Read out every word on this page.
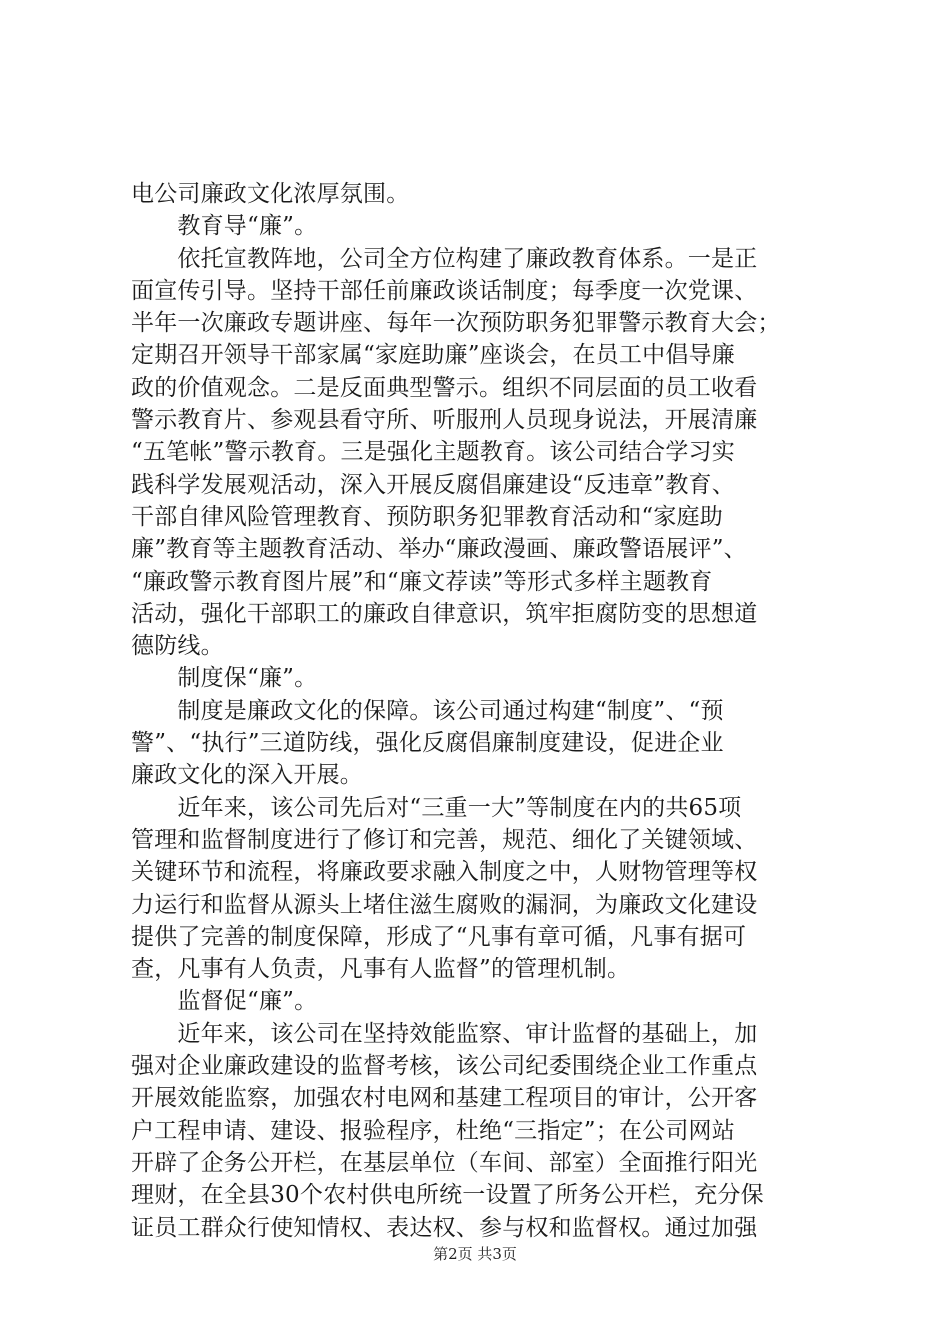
电公司廉政文化浓厚氛围。
　　教育导“廉”。
　　依托宣教阵地，公司全方位构建了廉政教育体系。一是正
面宣传引导。坚持干部任前廉政谈话制度；每季度一次党课、
半年一次廉政专题讲座、每年一次预防职务犯罪警示教育大会；
定期召开领导干部家属“家庭助廉”座谈会，在员工中倡导廉
政的价值观念。二是反面典型警示。组织不同层面的员工收看
警示教育片、参观县看守所、听服刑人员现身说法，开展清廉
“五笔帐”警示教育。三是强化主题教育。该公司结合学习实
践科学发展观活动，深入开展反腐倡廉建设“反违章”教育、
干部自律风险管理教育、预防职务犯罪教育活动和“家庭助
廉”教育等主题教育活动、举办“廉政漫画、廉政警语展评”、
“廉政警示教育图片展”和“廉文荐读”等形式多样主题教育
活动，强化干部职工的廉政自律意识，筑牢拒腐防变的思想道
德防线。
　　制度保“廉”。
　　制度是廉政文化的保障。该公司通过构建“制度”、“预
警”、“执行”三道防线，强化反腐倡廉制度建设，促进企业
廉政文化的深入开展。
　　近年来，该公司先后对“三重一大”等制度在内的共65项
管理和监督制度进行了修订和完善，规范、细化了关键领域、
关键环节和流程，将廉政要求融入制度之中，人财物管理等权
力运行和监督从源头上堵住滋生腐败的漏洞，为廉政文化建设
提供了完善的制度保障，形成了“凡事有章可循，凡事有据可
查，凡事有人负责，凡事有人监督”的管理机制。
　　监督促“廉”。
　　近年来，该公司在坚持效能监察、审计监督的基础上，加
强对企业廉政建设的监督考核，该公司纪委围绕企业工作重点
开展效能监察，加强农村电网和基建工程项目的审计，公开客
户工程申请、建设、报验程序，杜绝“三指定”；在公司网站
开辟了企务公开栏，在基层单位（车间、部室）全面推行阳光
理财，在全县30个农村供电所统一设置了所务公开栏，充分保
证员工群众行使知情权、表达权、参与权和监督权。通过加强
第2页 共3页
